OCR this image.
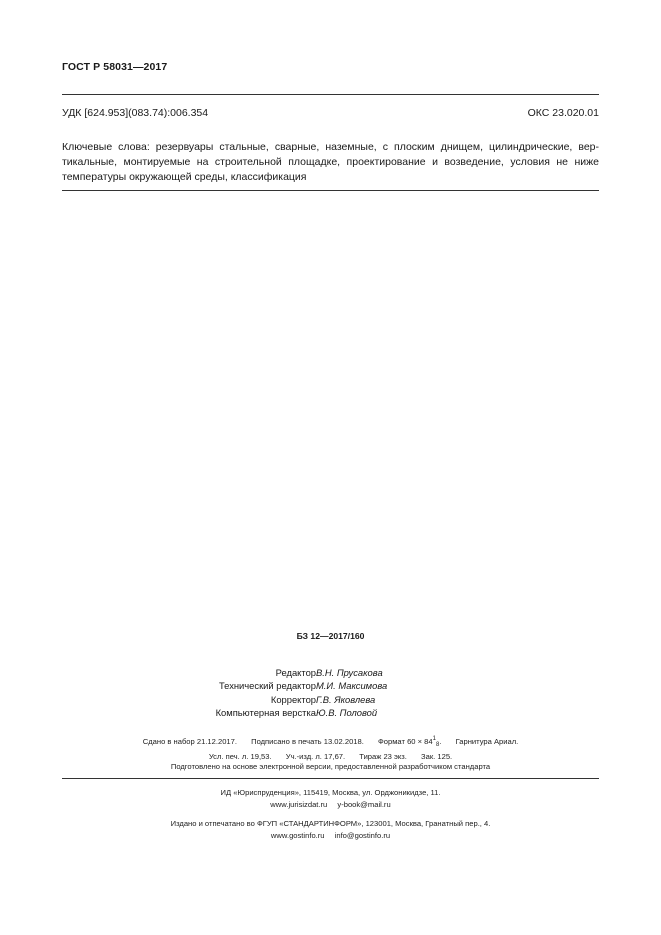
ГОСТ Р 58031—2017
УДК [624.953](083.74):006.354	ОКС 23.020.01
Ключевые слова: резервуары стальные, сварные, наземные, с плоским днищем, цилиндрические, вер-
тикальные, монтируемые на строительной площадке, проектирование и возведение, условия не ниже
температуры окружающей среды, классификация
БЗ 12—2017/160
Редактор В.Н. Прусакова
Технический редактор М.И. Максимова
Корректор Г.В. Яковлева
Компьютерная верстка Ю.В. Половой
Сдано в набор 21.12.2017. Подписано в печать 13.02.2018. Формат $60 \times 84^1_8$. Гарнитура Ариал.
Усл. печ. л. 19,53. Уч.-изд. л. 17,67. Тираж 23 экз. Зак. 125.
Подготовлено на основе электронной версии, предоставленной разработчиком стандарта
ИД «Юриспруденция», 115419, Москва, ул. Орджоникидзе, 11.
www.jurisizdat.ru y-book@mail.ru
Издано и отпечатано во ФГУП «СТАНДАРТИНФОРМ», 123001, Москва, Гранатный пер., 4.
www.gostinfo.ru info@gostinfo.ru
